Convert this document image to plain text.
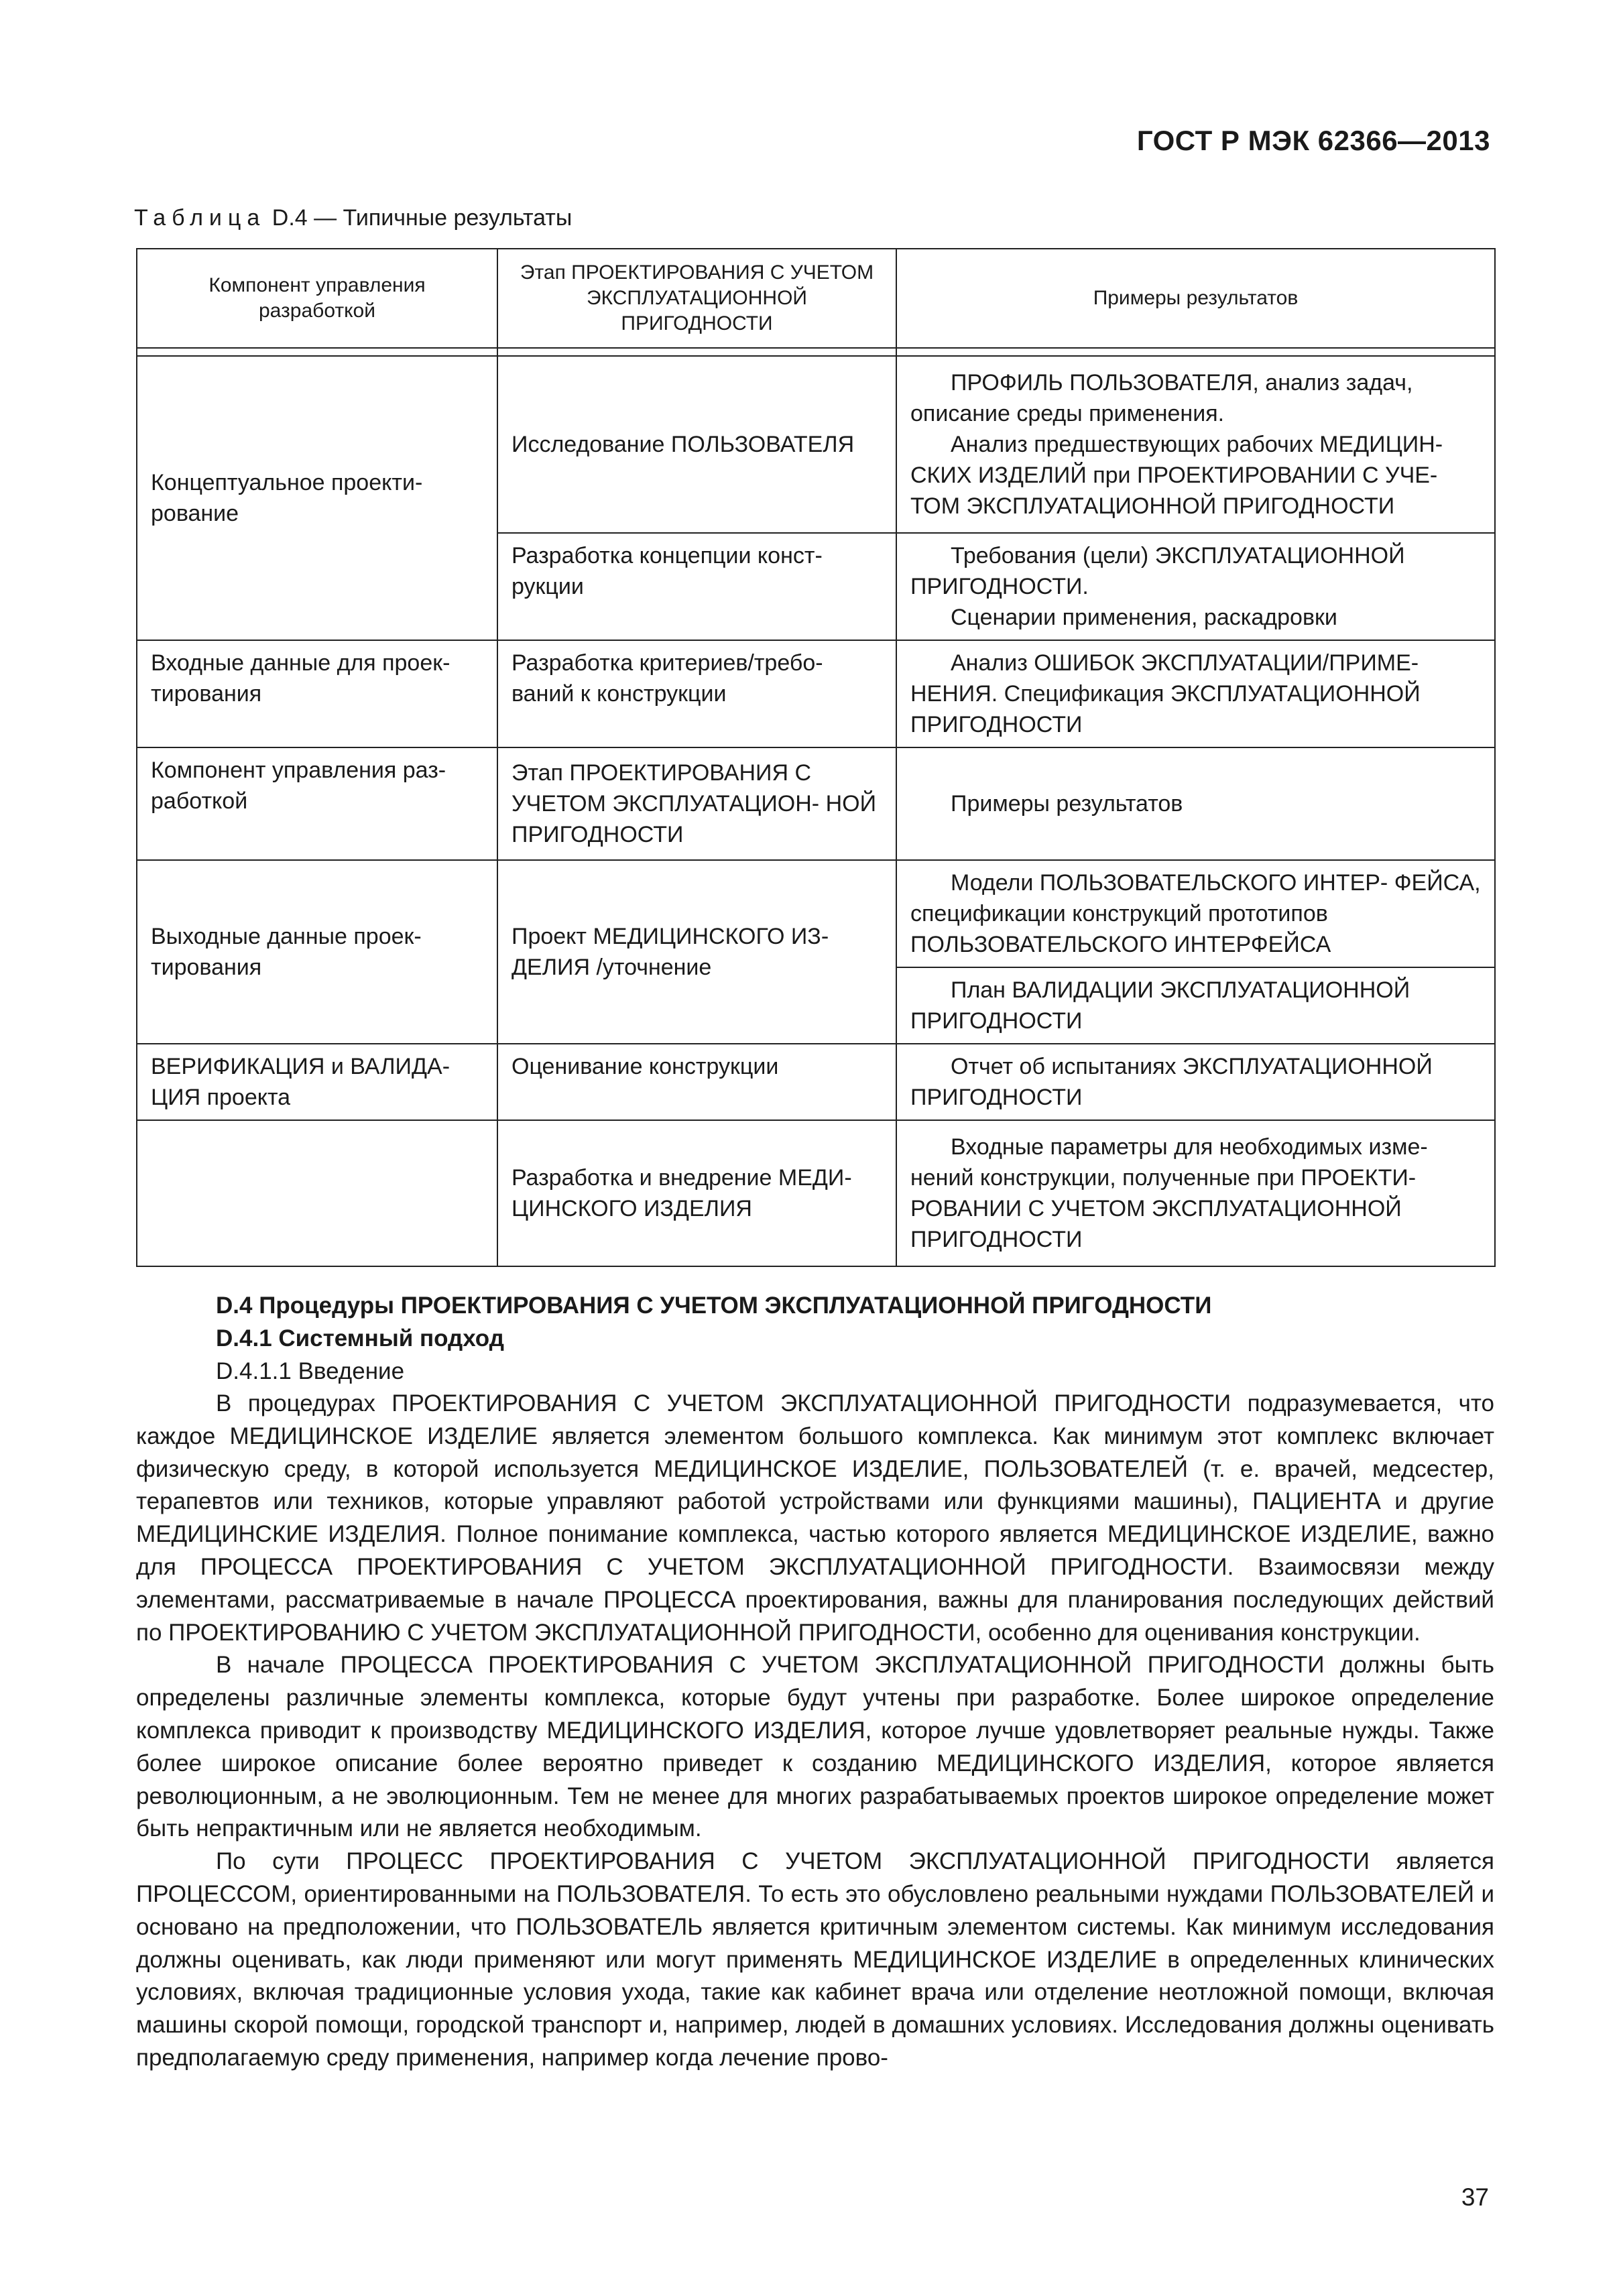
ГОСТ Р МЭК 62366—2013
Таблица D.4 — Типичные результаты
Компонент управления разработкой	Этап ПРОЕКТИРОВАНИЯ С УЧЕТОМ ЭКСПЛУАТАЦИОННОЙ ПРИГОДНОСТИ	Примеры результатов

Концептуальное проекти- рование	Исследование ПОЛЬЗОВАТЕЛЯ	ПРОФИЛЬ ПОЛЬЗОВАТЕЛЯ, анализ задач, описание среды применения.
Анализ предшествующих рабочих МЕДИЦИН- СКИХ ИЗДЕЛИЙ при ПРОЕКТИРОВАНИИ С УЧЕ- ТОМ ЭКСПЛУАТАЦИОННОЙ ПРИГОДНОСТИ

	Разработка концепции конст- рукции	Требования (цели) ЭКСПЛУАТАЦИОННОЙ ПРИГОДНОСТИ.
Сценарии применения, раскадровки

Входные данные для проек- тирования	Разработка критериев/требо- ваний к конструкции	Анализ ОШИБОК ЭКСПЛУАТАЦИИ/ПРИМЕ- НЕНИЯ. Спецификация ЭКСПЛУАТАЦИОННОЙ ПРИГОДНОСТИ

Компонент управления раз- работкой	Этап ПРОЕКТИРОВАНИЯ С УЧЕТОМ ЭКСПЛУАТАЦИОН- НОЙ ПРИГОДНОСТИ	Примеры результатов

Выходные данные проек- тирования	Проект МЕДИЦИНСКОГО ИЗ- ДЕЛИЯ /уточнение	Модели ПОЛЬЗОВАТЕЛЬСКОГО ИНТЕР- ФЕЙСА, спецификации конструкций прототипов ПОЛЬЗОВАТЕЛЬСКОГО ИНТЕРФЕЙСА

		План ВАЛИДАЦИИ ЭКСПЛУАТАЦИОННОЙ ПРИГОДНОСТИ

ВЕРИФИКАЦИЯ и ВАЛИДА- ЦИЯ проекта	Оценивание конструкции	Отчет об испытаниях ЭКСПЛУАТАЦИОННОЙ ПРИГОДНОСТИ

	Разработка и внедрение МЕДИ- ЦИНСКОГО ИЗДЕЛИЯ	Входные параметры для необходимых изме- нений конструкции, полученные при ПРОЕКТИ- РОВАНИИ С УЧЕТОМ ЭКСПЛУАТАЦИОННОЙ ПРИГОДНОСТИ
D.4 Процедуры ПРОЕКТИРОВАНИЯ С УЧЕТОМ ЭКСПЛУАТАЦИОННОЙ ПРИГОДНОСТИ
D.4.1 Системный подход
D.4.1.1 Введение

В процедурах ПРОЕКТИРОВАНИЯ С УЧЕТОМ ЭКСПЛУАТАЦИОННОЙ ПРИГОДНОСТИ подразумевается, что каждое МЕДИЦИНСКОЕ ИЗДЕЛИЕ является элементом большого комплекса. Как минимум этот комплекс включает физическую среду, в которой используется МЕДИЦИНСКОЕ ИЗДЕЛИЕ, ПОЛЬЗОВАТЕЛЕЙ (т. е. врачей, медсестер, терапевтов или техников, которые управляют работой устройствами или функциями машины), ПАЦИЕНТА и другие МЕДИЦИНСКИЕ ИЗДЕЛИЯ. Полное понимание комплекса, частью которого является МЕДИЦИНСКОЕ ИЗДЕЛИЕ, важно для ПРОЦЕССА ПРОЕКТИРОВАНИЯ С УЧЕТОМ ЭКСПЛУАТАЦИОННОЙ ПРИГОДНОСТИ. Взаимосвязи между элементами, рассматриваемые в начале ПРОЦЕССА проектирования, важны для планирования последующих действий по ПРОЕКТИРОВАНИЮ С УЧЕТОМ ЭКСПЛУАТАЦИОННОЙ ПРИГОДНОСТИ, особенно для оценивания конструкции.

В начале ПРОЦЕССА ПРОЕКТИРОВАНИЯ С УЧЕТОМ ЭКСПЛУАТАЦИОННОЙ ПРИГОДНОСТИ должны быть определены различные элементы комплекса, которые будут учтены при разработке. Более широкое определение комплекса приводит к производству МЕДИЦИНСКОГО ИЗДЕЛИЯ, которое лучше удовлетворяет реальные нужды. Также более широкое описание более вероятно приведет к созданию МЕДИЦИНСКОГО ИЗДЕЛИЯ, которое является революционным, а не эволюционным. Тем не менее для многих разрабатываемых проектов широкое определение может быть непрактичным или не является необходимым.

По сути ПРОЦЕСС ПРОЕКТИРОВАНИЯ С УЧЕТОМ ЭКСПЛУАТАЦИОННОЙ ПРИГОДНОСТИ является ПРОЦЕССОМ, ориентированными на ПОЛЬЗОВАТЕЛЯ. То есть это обусловлено реальными нуждами ПОЛЬЗОВАТЕЛЕЙ и основано на предположении, что ПОЛЬЗОВАТЕЛЬ является критичным элементом системы. Как минимум исследования должны оценивать, как люди применяют или могут применять МЕДИЦИНСКОЕ ИЗДЕЛИЕ в определенных клинических условиях, включая традиционные условия ухода, такие как кабинет врача или отделение неотложной помощи, включая машины скорой помощи, городской транспорт и, например, людей в домашних условиях. Исследования должны оценивать предполагаемую среду применения, например когда лечение прово-

37
